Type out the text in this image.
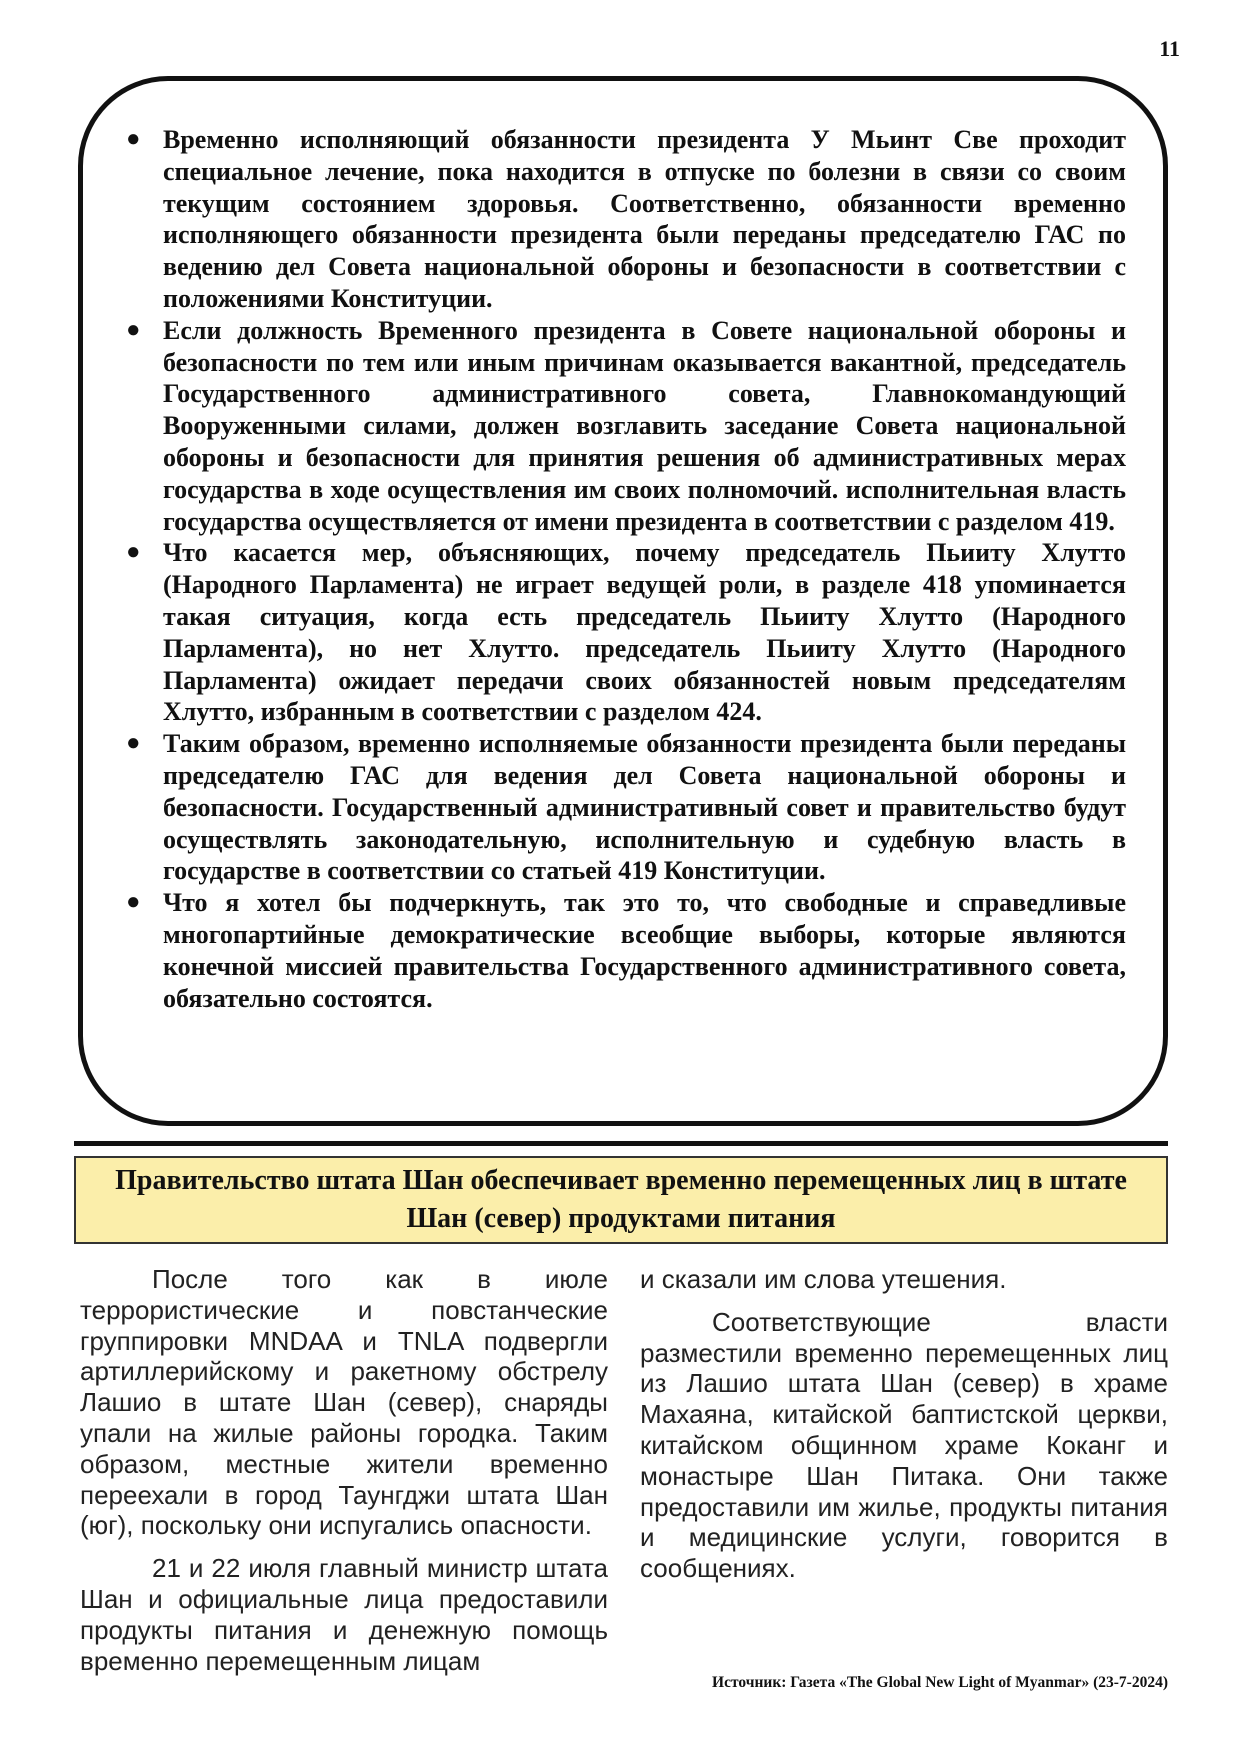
11
● Временно исполняющий обязанности президента У Мьинт Све проходит специальное лечение, пока находится в отпуске по болезни в связи со своим текущим состоянием здоровья. Соответственно, обязанности временно исполняющего обязанности президента были переданы председателю ГАС по ведению дел Совета национальной обороны и безопасности в соответствии с положениями Конституции.
● Если должность Временного президента в Совете национальной обороны и безопасности по тем или иным причинам оказывается вакантной, председатель Государственного административного совета, Главнокомандующий Вооруженными силами, должен возглавить заседание Совета национальной обороны и безопасности для принятия решения об административных мерах государства в ходе осуществления им своих полномочий. исполнительная власть государства осуществляется от имени президента в соответствии с разделом 419.
● Что касается мер, объясняющих, почему председатель Пьииту Хлутто (Народного Парламента) не играет ведущей роли, в разделе 418 упоминается такая ситуация, когда есть председатель Пьииту Хлутто (Народного Парламента), но нет Хлутто. председатель Пьииту Хлутто (Народного Парламента) ожидает передачи своих обязанностей новым председателям Хлутто, избранным в соответствии с разделом 424.
● Таким образом, временно исполняемые обязанности президента были переданы председателю ГАС для ведения дел Совета национальной обороны и безопасности. Государственный административный совет и правительство будут осуществлять законодательную, исполнительную и судебную власть в государстве в соответствии со статьей 419 Конституции.
● Что я хотел бы подчеркнуть, так это то, что свободные и справедливые многопартийные демократические всеобщие выборы, которые являются конечной миссией правительства Государственного административного совета, обязательно состоятся.
Правительство штата Шан обеспечивает временно перемещенных лиц в штате Шан (север) продуктами питания

После того как в июле террористические и повстанческие группировки MNDAA и TNLA подвергли артиллерийскому и ракетному обстрелу Лашио в штате Шан (север), снаряды упали на жилые районы городка. Таким образом, местные жители временно переехали в город Таунгджи штата Шан (юг), поскольку они испугались опасности.

21 и 22 июля главный министр штата Шан и официальные лица предоставили продукты питания и денежную помощь временно перемещенным лицам

и сказали им слова утешения.

Соответствующие власти разместили временно перемещенных лиц из Лашио штата Шан (север) в храме Махаяна, китайской баптистской церкви, китайском общинном храме Коканг и монастыре Шан Питака. Они также предоставили им жилье, продукты питания и медицинские услуги, говорится в сообщениях.

Источник: Газета «The Global New Light of Myanmar» (23-7-2024)
